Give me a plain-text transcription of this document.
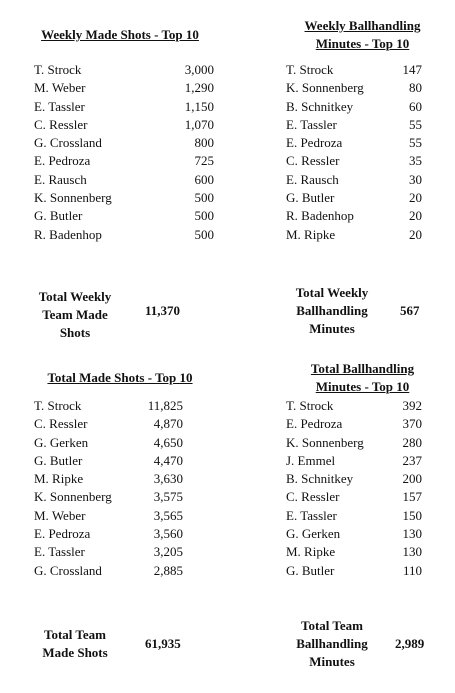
Weekly Made Shots - Top 10
T. Strock	3,000
M. Weber	1,290
E. Tassler	1,150
C. Ressler	1,070
G. Crossland	800
E. Pedroza	725
E. Rausch	600
K. Sonnenberg	500
G. Butler	500
R. Badenhop	500
Total Weekly
Team Made
Shots
11,370
Weekly Ballhandling
Minutes - Top 10
T. Strock	147
K. Sonnenberg	80
B. Schnitkey	60
E. Tassler	55
E. Pedroza	55
C. Ressler	35
E. Rausch	30
G. Butler	20
R. Badenhop	20
M. Ripke	20
Total Weekly
Ballhandling
Minutes
567
Total Made Shots - Top 10
T. Strock	11,825
C. Ressler	4,870
G. Gerken	4,650
G. Butler	4,470
M. Ripke	3,630
K. Sonnenberg	3,575
M. Weber	3,565
E. Pedroza	3,560
E. Tassler	3,205
G. Crossland	2,885
Total Team
Made Shots
61,935
Total Ballhandling
Minutes - Top 10
T. Strock	392
E. Pedroza	370
K. Sonnenberg	280
J. Emmel	237
B. Schnitkey	200
C. Ressler	157
E. Tassler	150
G. Gerken	130
M. Ripke	130
G. Butler	110
Total Team
Ballhandling
Minutes
2,989
